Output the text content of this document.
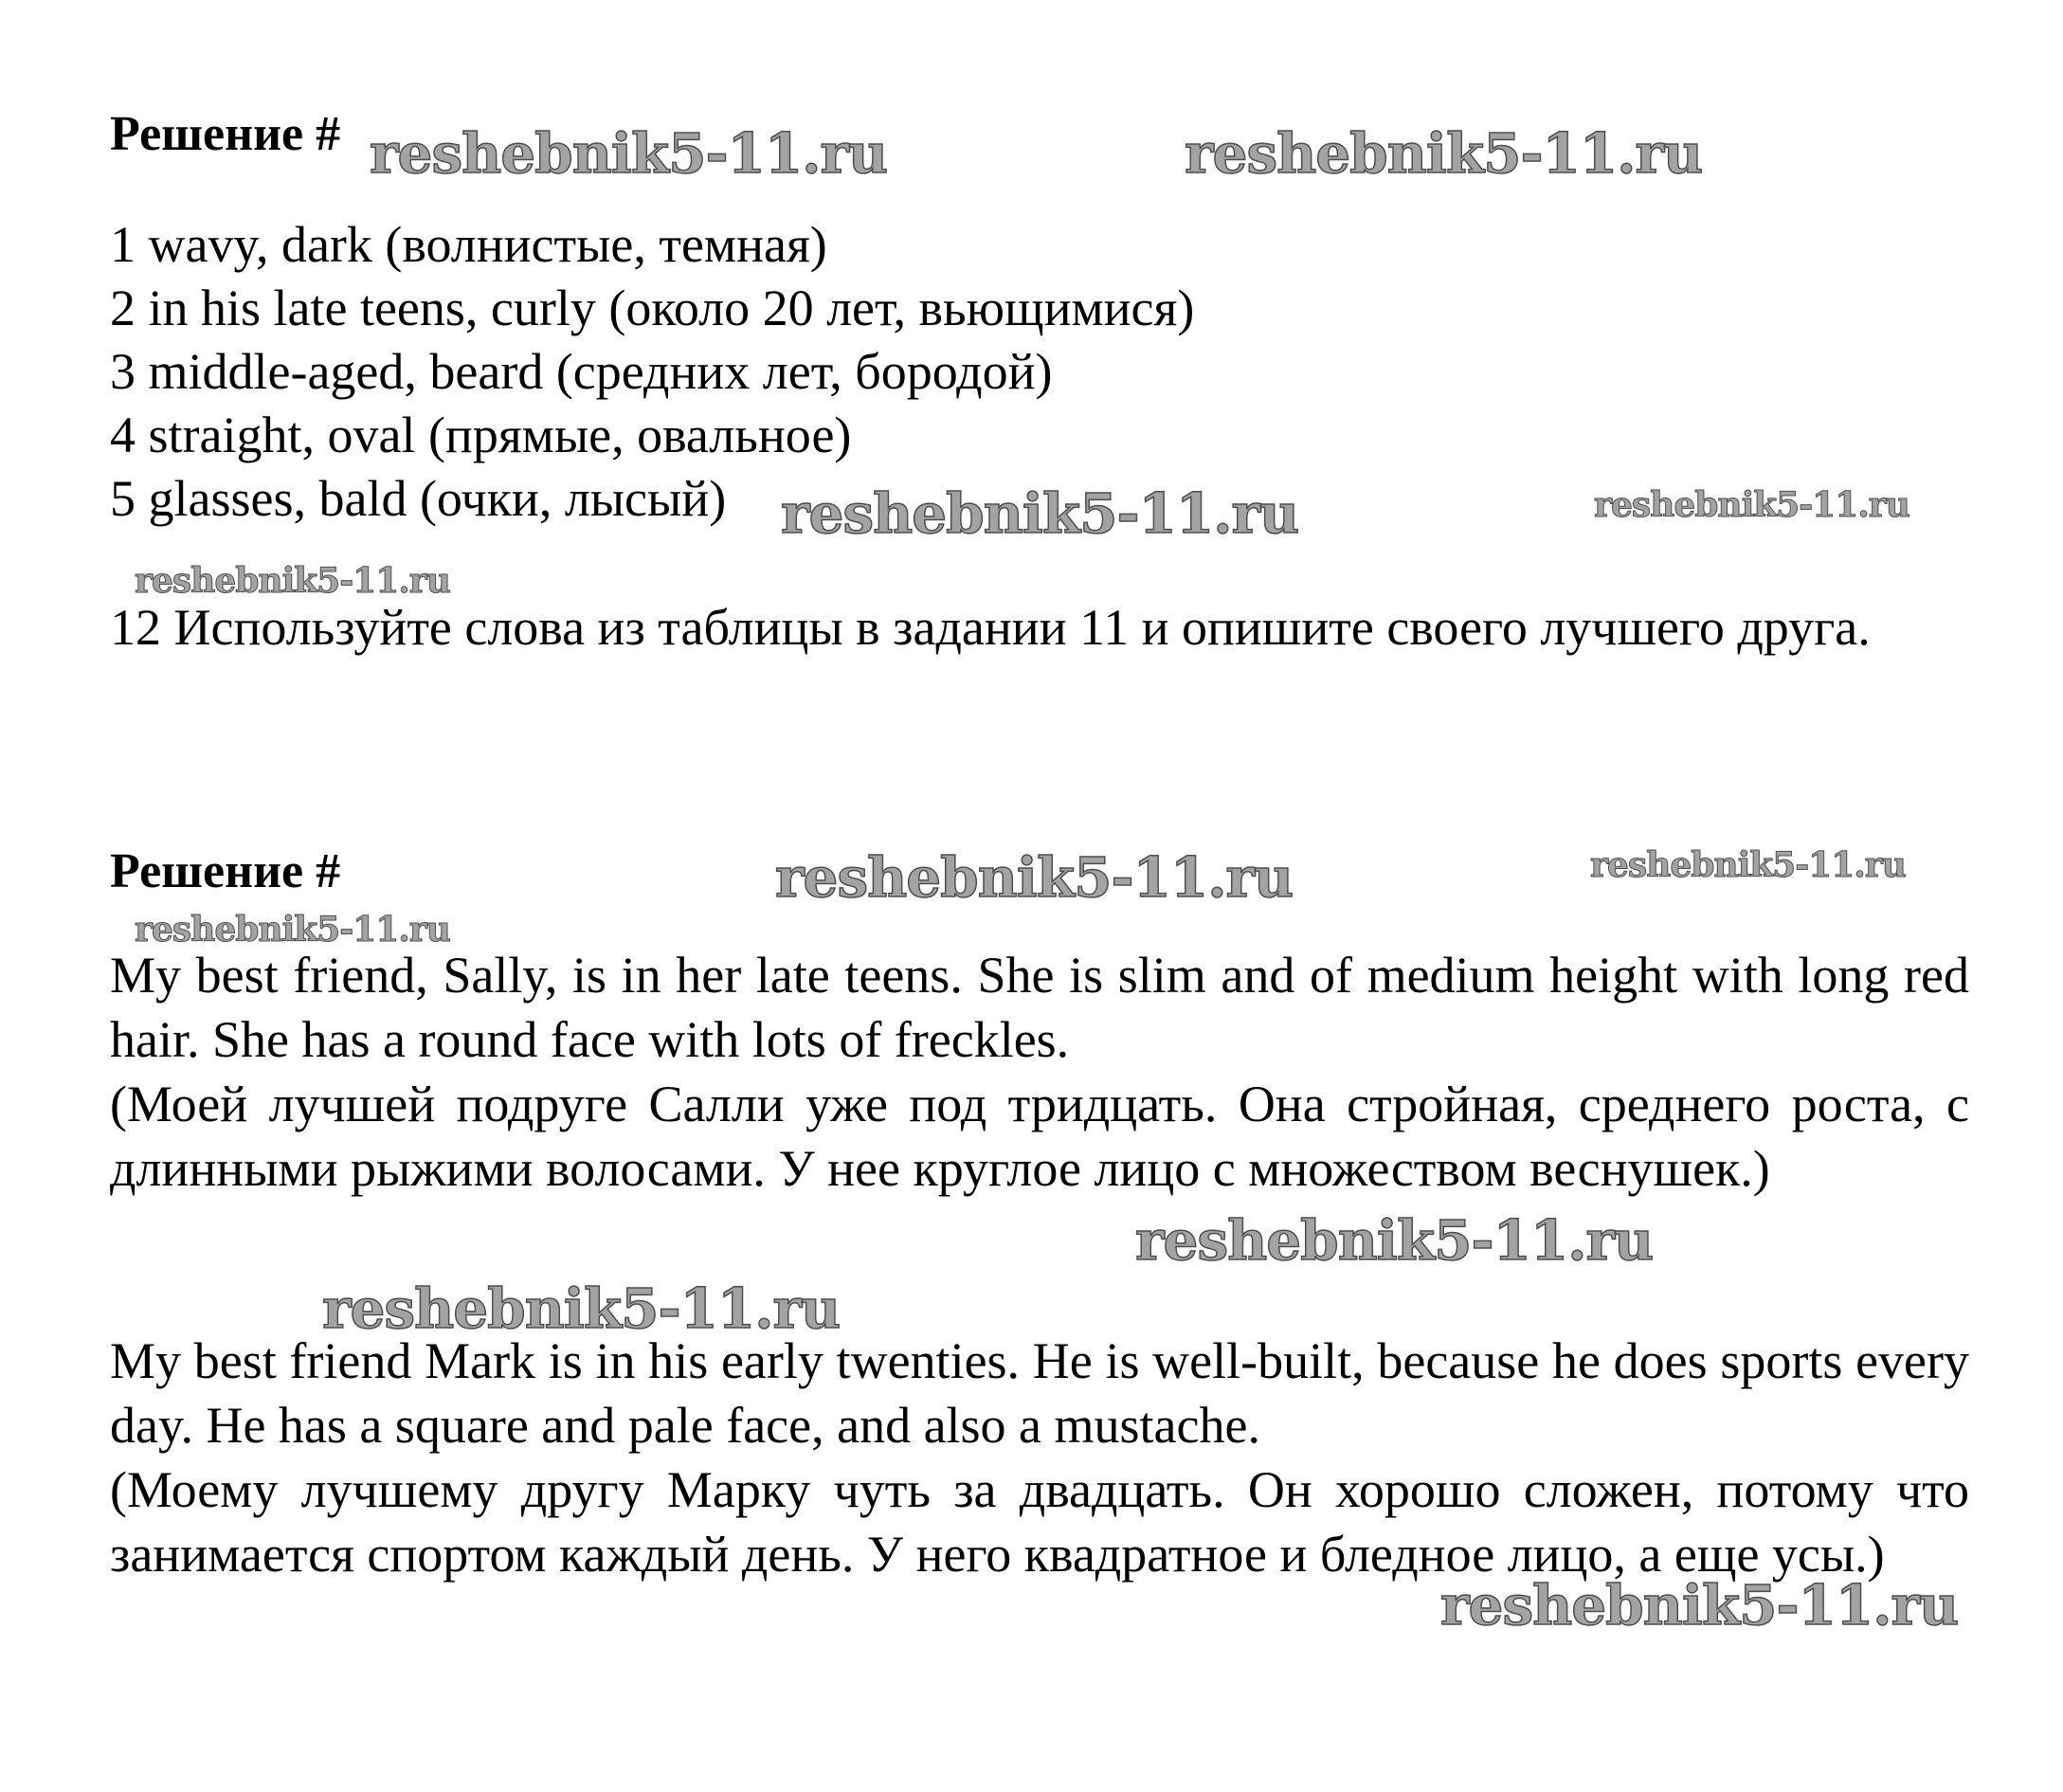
Решение #
1 wavy, dark (волнистые, темная)
2 in his late teens, curly (около 20 лет, вьющимися)
3 middle-aged, beard (средних лет, бородой)
4 straight, oval (прямые, овальное)
5 glasses, bald (очки, лысый)
12 Используйте слова из таблицы в задании 11 и опишите своего лучшего друга.
Решение #
My best friend, Sally, is in her late teens. She is slim and of medium height with long red hair. She has a round face with lots of freckles.
(Моей лучшей подруге Салли уже под тридцать. Она стройная, среднего роста, с длинными рыжими волосами. У нее круглое лицо с множеством веснушек.)
My best friend Mark is in his early twenties. He is well-built, because he does sports every day. He has a square and pale face, and also a mustache.
(Моему лучшему другу Марку чуть за двадцать. Он хорошо сложен, потому что занимается спортом каждый день. У него квадратное и бледное лицо, а еще усы.)
reshebnik5-11.ru	reshebnik5-11.ru
reshebnik5-11.ru	reshebnik5-11.ru
reshebnik5-11.ru
reshebnik5-11.ru	reshebnik5-11.ru
reshebnik5-11.ru
reshebnik5-11.ru
reshebnik5-11.ru
reshebnik5-11.ru
